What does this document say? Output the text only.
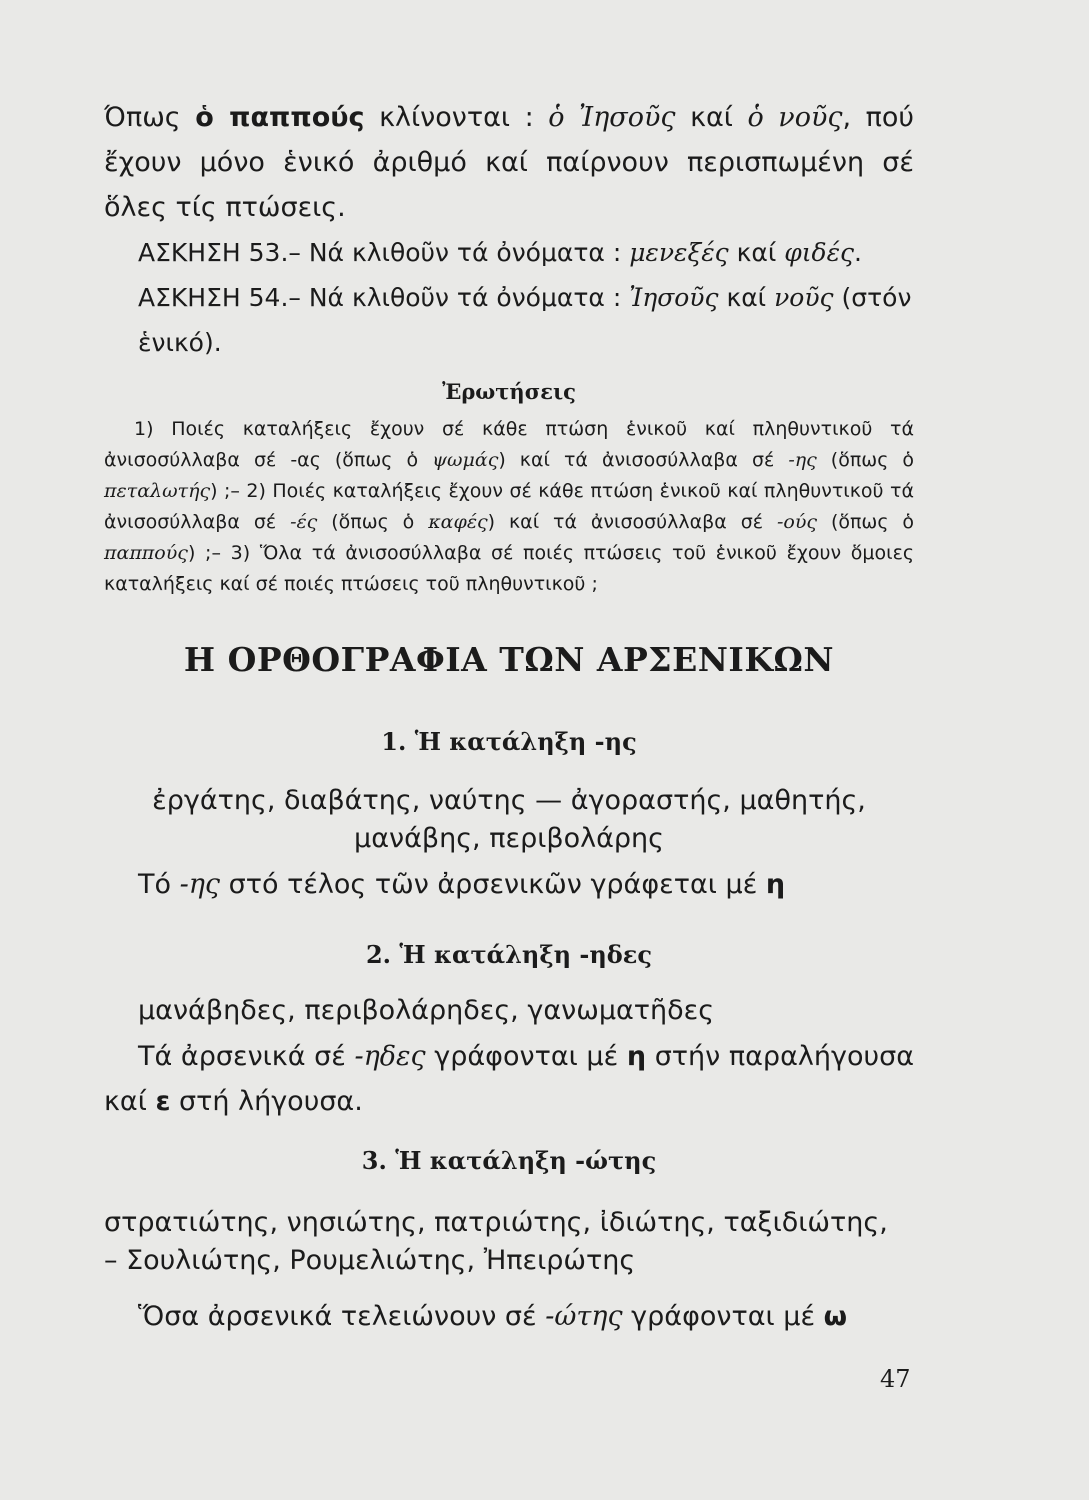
Όπως ὁ παππούς κλίνονται : ὁ Ἰησοῦς καί ὁ νοῦς, πού ἔχουν μόνο ἑνικό ἀριθμό καί παίρνουν περισπωμένη σέ ὅλες τίς πτώσεις.

ΑΣΚΗΣΗ 53.– Νά κλιθοῦν τά ὀνόματα : μενεξές καί φιδές.

ΑΣΚΗΣΗ 54.– Νά κλιθοῦν τά ὀνόματα : Ἰησοῦς καί νοῦς (στόν ἑνικό).

Ἐρωτήσεις

1) Ποιές καταλήξεις ἔχουν σέ κάθε πτώση ἑνικοῦ καί πληθυντικοῦ τά ἀνισοσύλλαβα σέ -ας (ὅπως ὁ ψωμάς) καί τά ἀνισοσύλλαβα σέ -ης (ὅπως ὁ πεταλωτής) ;– 2) Ποιές καταλήξεις ἔχουν σέ κάθε πτώση ἑνικοῦ καί πληθυντικοῦ τά ἀνισοσύλλαβα σέ -ές (ὅπως ὁ καφές) καί τά ἀνισοσύλλαβα σέ -ούς (ὅπως ὁ παππούς) ;– 3) Ὅλα τά ἀνισοσύλλαβα σέ ποιές πτώσεις τοῦ ἑνικοῦ ἔχουν ὅμοιες καταλήξεις καί σέ ποιές πτώσεις τοῦ πληθυντικοῦ ;

Η ΟΡΘΟΓΡΑΦΙΑ ΤΩΝ ΑΡΣΕΝΙΚΩΝ
1. Ἡ κατάληξη -ης
ἐργάτης, διαβάτης, ναύτης — ἀγοραστής, μαθητής,
μανάβης, περιβολάρης

Τό -ης στό τέλος τῶν ἀρσενικῶν γράφεται μέ η

2. Ἡ κατάληξη -ηδες
μανάβηδες, περιβολάρηδες, γανωματῆδες

Τά ἀρσενικά σέ -ηδες γράφονται μέ η στήν παραλήγουσα καί ε στή λήγουσα.

3. Ἡ κατάληξη -ώτης
στρατιώτης, νησιώτης, πατριώτης, ἰδιώτης, ταξιδιώτης,
– Σουλιώτης, Ρουμελιώτης, Ἠπειρώτης

Ὅσα ἀρσενικά τελειώνουν σέ -ώτης γράφονται μέ ω

47
